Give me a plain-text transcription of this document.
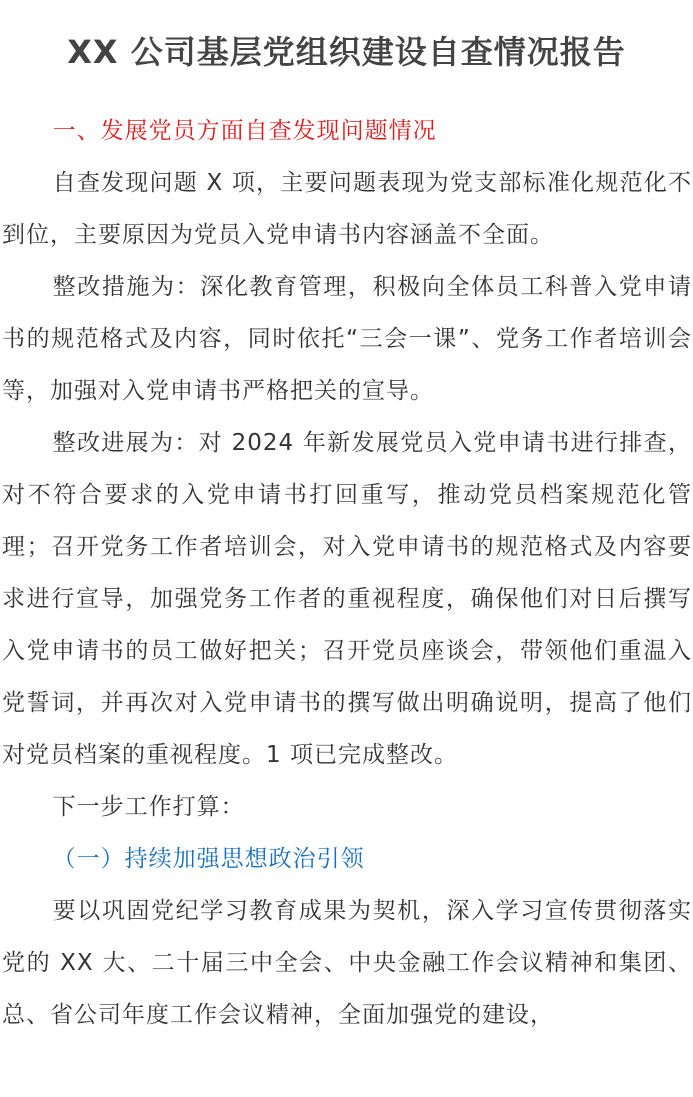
XX 公司基层党组织建设自查情况报告

一、发展党员方面自查发现问题情况

自查发现问题 X 项，主要问题表现为党支部标准化规范化不到位，主要原因为党员入党申请书内容涵盖不全面。

整改措施为：深化教育管理，积极向全体员工科普入党申请书的规范格式及内容，同时依托“三会一课”、党务工作者培训会等，加强对入党申请书严格把关的宣导。

整改进展为：对 2024 年新发展党员入党申请书进行排查，对不符合要求的入党申请书打回重写，推动党员档案规范化管理；召开党务工作者培训会，对入党申请书的规范格式及内容要求进行宣导，加强党务工作者的重视程度，确保他们对日后撰写入党申请书的员工做好把关；召开党员座谈会，带领他们重温入党誓词，并再次对入党申请书的撰写做出明确说明，提高了他们对党员档案的重视程度。1 项已完成整改。

下一步工作打算：

（一）持续加强思想政治引领

要以巩固党纪学习教育成果为契机，深入学习宣传贯彻落实党的 XX 大、二十届三中全会、中央金融工作会议精神和集团、总、省公司年度工作会议精神，全面加强党的建设，
